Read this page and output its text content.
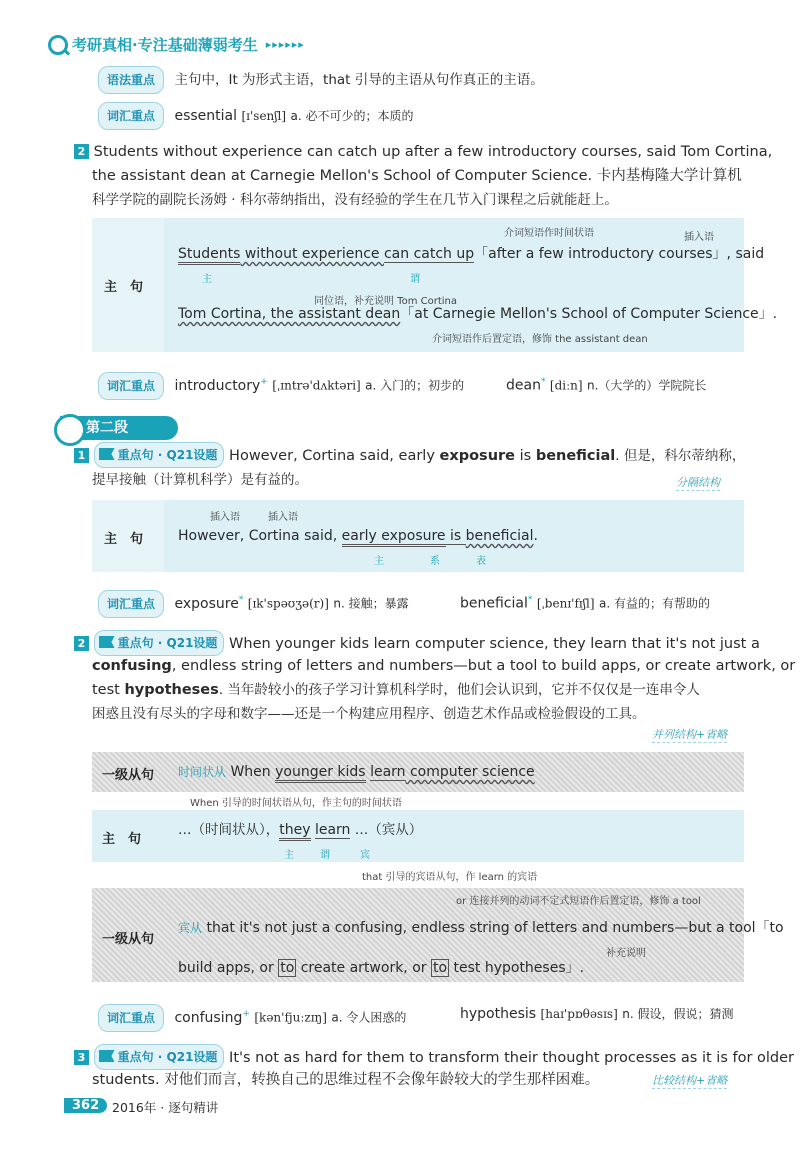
考研真相·专注基础薄弱考生 ▸▸▸▸▸▸
语法重点 主句中，It 为形式主语，that 引导的主语从句作真正的主语。
词汇重点 essential [ɪ'senʃl] a. 必不可少的；本质的
2 Students without experience can catch up after a few introductory courses, said Tom Cortina,
the assistant dean at Carnegie Mellon's School of Computer Science. 卡内基梅隆大学计算机
科学学院的副院长汤姆 · 科尔蒂纳指出，没有经验的学生在几节入门课程之后就能赶上。
主　句
介词短语作时间状语	插入语
Students without experience can catch up「after a few introductory courses」, said
主	谓
同位语，补充说明 Tom Cortina
Tom Cortina, the assistant dean「at Carnegie Mellon's School of Computer Science」.
介词短语作后置定语，修饰 the assistant dean
词汇重点 introductory+ [ˌɪntrə'dʌktəri] a. 入门的；初步的	dean* [diːn] n.（大学的）学院院长
第二段
1	重点句 · Q21设题 However, Cortina said, early exposure is beneficial. 但是，科尔蒂纳称，
提早接触（计算机科学）是有益的。	分隔结构
主　句
插入语	插入语
However, Cortina said, early exposure is beneficial.
主	系 表
词汇重点 exposure* [ɪk'spəʊʒə(r)] n. 接触；暴露	beneficial* [ˌbenɪ'fɪʃl] a. 有益的；有帮助的
2	重点句 · Q21设题 When younger kids learn computer science, they learn that it's not just a
confusing, endless string of letters and numbers—but a tool to build apps, or create artwork, or
test hypotheses. 当年龄较小的孩子学习计算机科学时，他们会认识到，它并不仅仅是一连串令人
困惑且没有尽头的字母和数字——还是一个构建应用程序、创造艺术作品或检验假设的工具。
并列结构+省略
一级从句 时间状从 When younger kids learn computer science
When 引导的时间状语从句，作主句的时间状语
主　句
…（时间状从），they learn …（宾从）
主 谓 宾
that 引导的宾语从句，作 learn 的宾语
一级从句
or 连接并列的动词不定式短语作后置定语，修饰 a tool
宾从 that it's not just a confusing, endless string of letters and numbers—but a tool「to
build apps, or to create artwork, or to test hypotheses」.
补充说明
词汇重点 confusing+ [kən'fjuːzɪŋ] a. 令人困惑的	hypothesis [haɪ'pɒθəsɪs] n. 假设，假说；猜测
3	重点句 · Q21设题 It's not as hard for them to transform their thought processes as it is for older
students. 对他们而言，转换自己的思维过程不会像年龄较大的学生那样困难。	比较结构+省略
362	2016年 · 逐句精讲
